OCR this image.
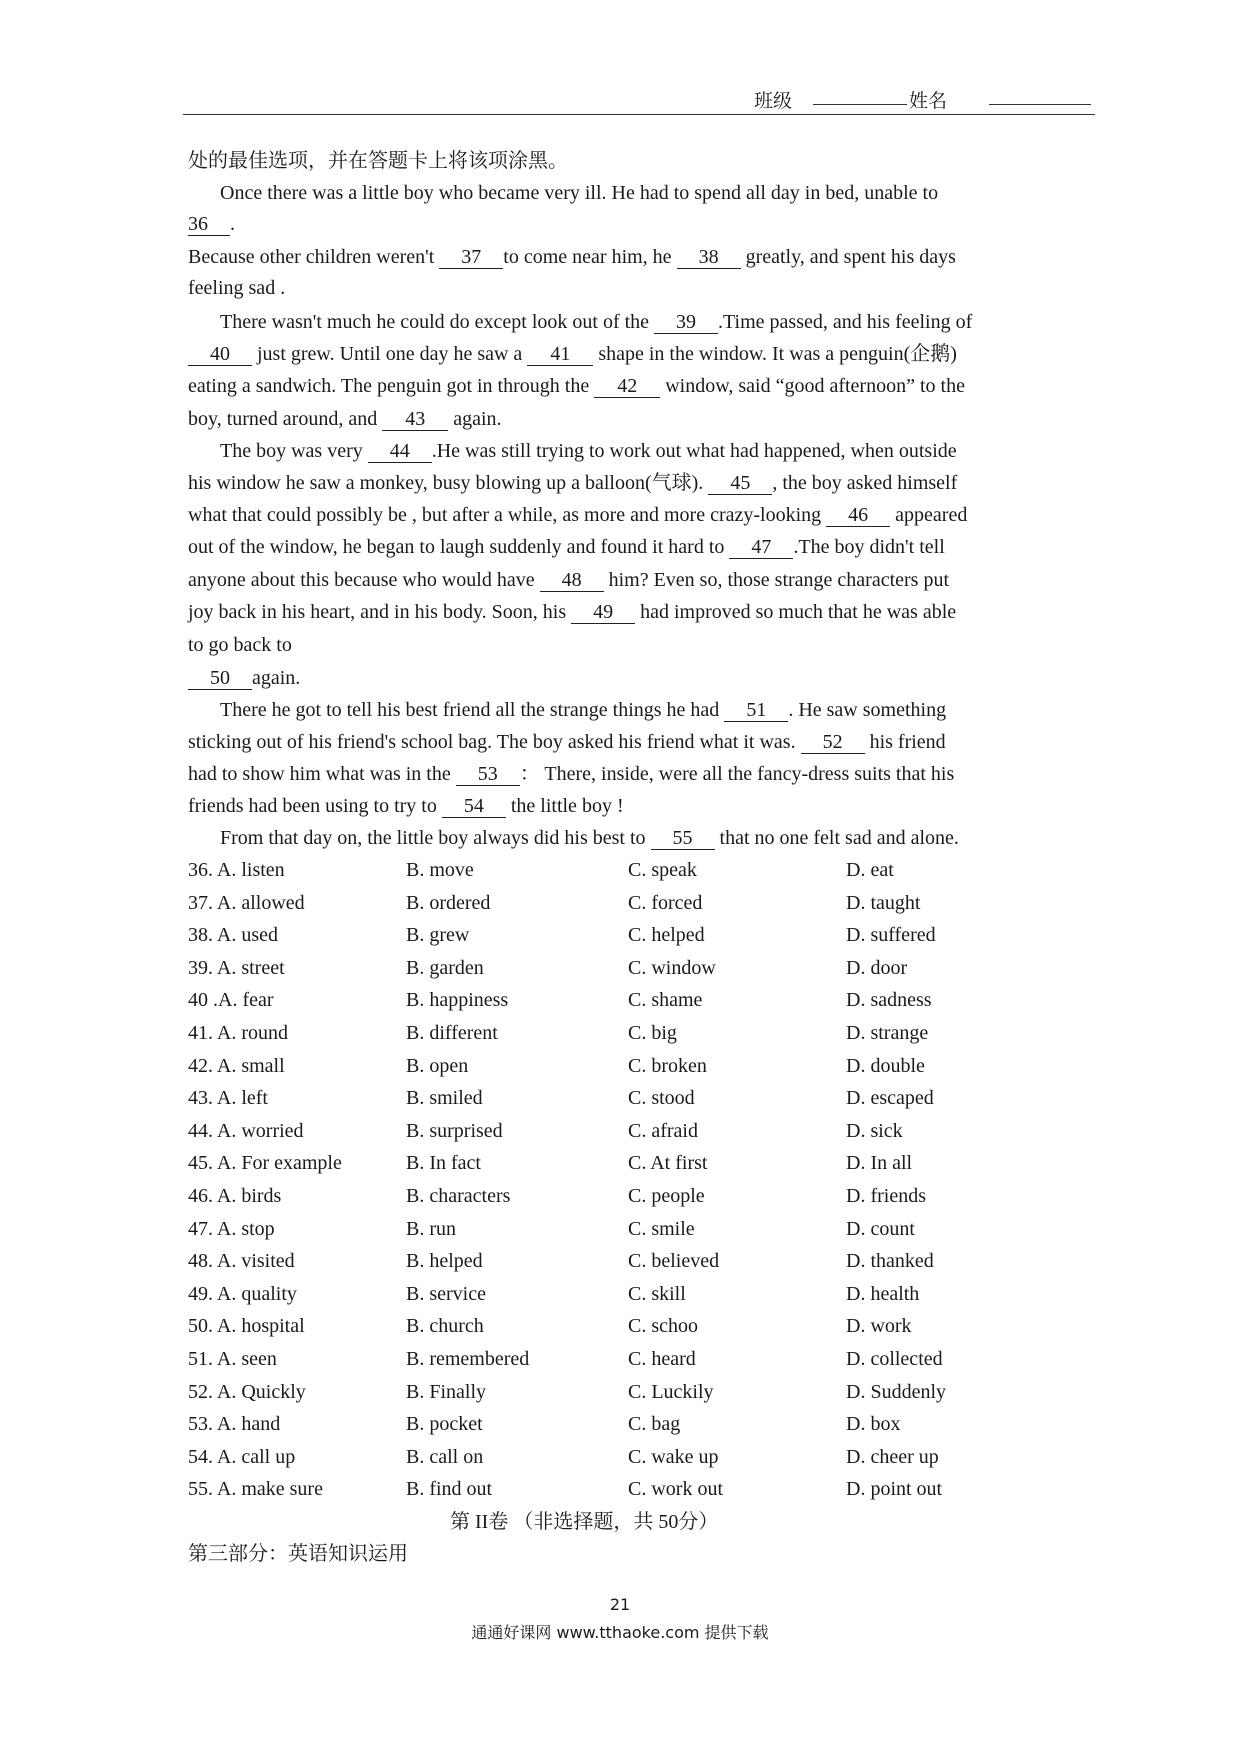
班级	姓名
处的最佳选项，并在答题卡上将该项涂黑。
Once there was a little boy who became very ill. He had to spend all day in bed, unable to
36 .
Because other children weren't 37 to come near him, he 38 greatly, and spent his days
feeling sad .
There wasn't much he could do except look out of the 39 .Time passed, and his feeling of
40 just grew. Until one day he saw a 41 shape in the window. It was a penguin(企鹅)
eating a sandwich. The penguin got in through the 42 window, said “good afternoon” to the
boy, turned around, and 43 again.
The boy was very 44 .He was still trying to work out what had happened, when outside
his window he saw a monkey, busy blowing up a balloon(气球). 45 , the boy asked himself
what that could possibly be , but after a while, as more and more crazy-looking 46 appeared
out of the window, he began to laugh suddenly and found it hard to 47 .The boy didn't tell
anyone about this because who would have 48 him? Even so, those strange characters put
joy back in his heart, and in his body. Soon, his 49 had improved so much that he was able
to go back to
50 again.
There he got to tell his best friend all the strange things he had 51 . He saw something
sticking out of his friend's school bag. The boy asked his friend what it was. 52 his friend
had to show him what was in the 53 ： There, inside, were all the fancy-dress suits that his
friends had been using to try to 54 the little boy !
From that day on, the little boy always did his best to 55 that no one felt sad and alone.
36. A. listen	B. move	C. speak	D. eat
37. A. allowed	B. ordered	C. forced	D. taught
38. A. used	B. grew	C. helped	D. suffered
39. A. street	B. garden	C. window	D. door
40 .A. fear	B. happiness	C. shame	D. sadness
41. A. round	B. different	C. big	D. strange
42. A. small	B. open	C. broken	D. double
43. A. left	B. smiled	C. stood	D. escaped
44. A. worried	B. surprised	C. afraid	D. sick
45. A. For example	B. In fact	C. At first	D. In all
46. A. birds	B. characters	C. people	D. friends
47. A. stop	B. run	C. smile	D. count
48. A. visited	B. helped	C. believed	D. thanked
49. A. quality	B. service	C. skill	D. health
50. A. hospital	B. church	C. schoo	D. work
51. A. seen	B. remembered	C. heard	D. collected
52. A. Quickly	B. Finally	C. Luckily	D. Suddenly
53. A. hand	B. pocket	C. bag	D. box
54. A. call up	B. call on	C. wake up	D. cheer up
55. A. make sure	B. find out	C. work out	D. point out
第 II卷 （非选择题，共 50分）
第三部分：英语知识运用
21
通通好课网 www.tthaoke.com 提供下载
